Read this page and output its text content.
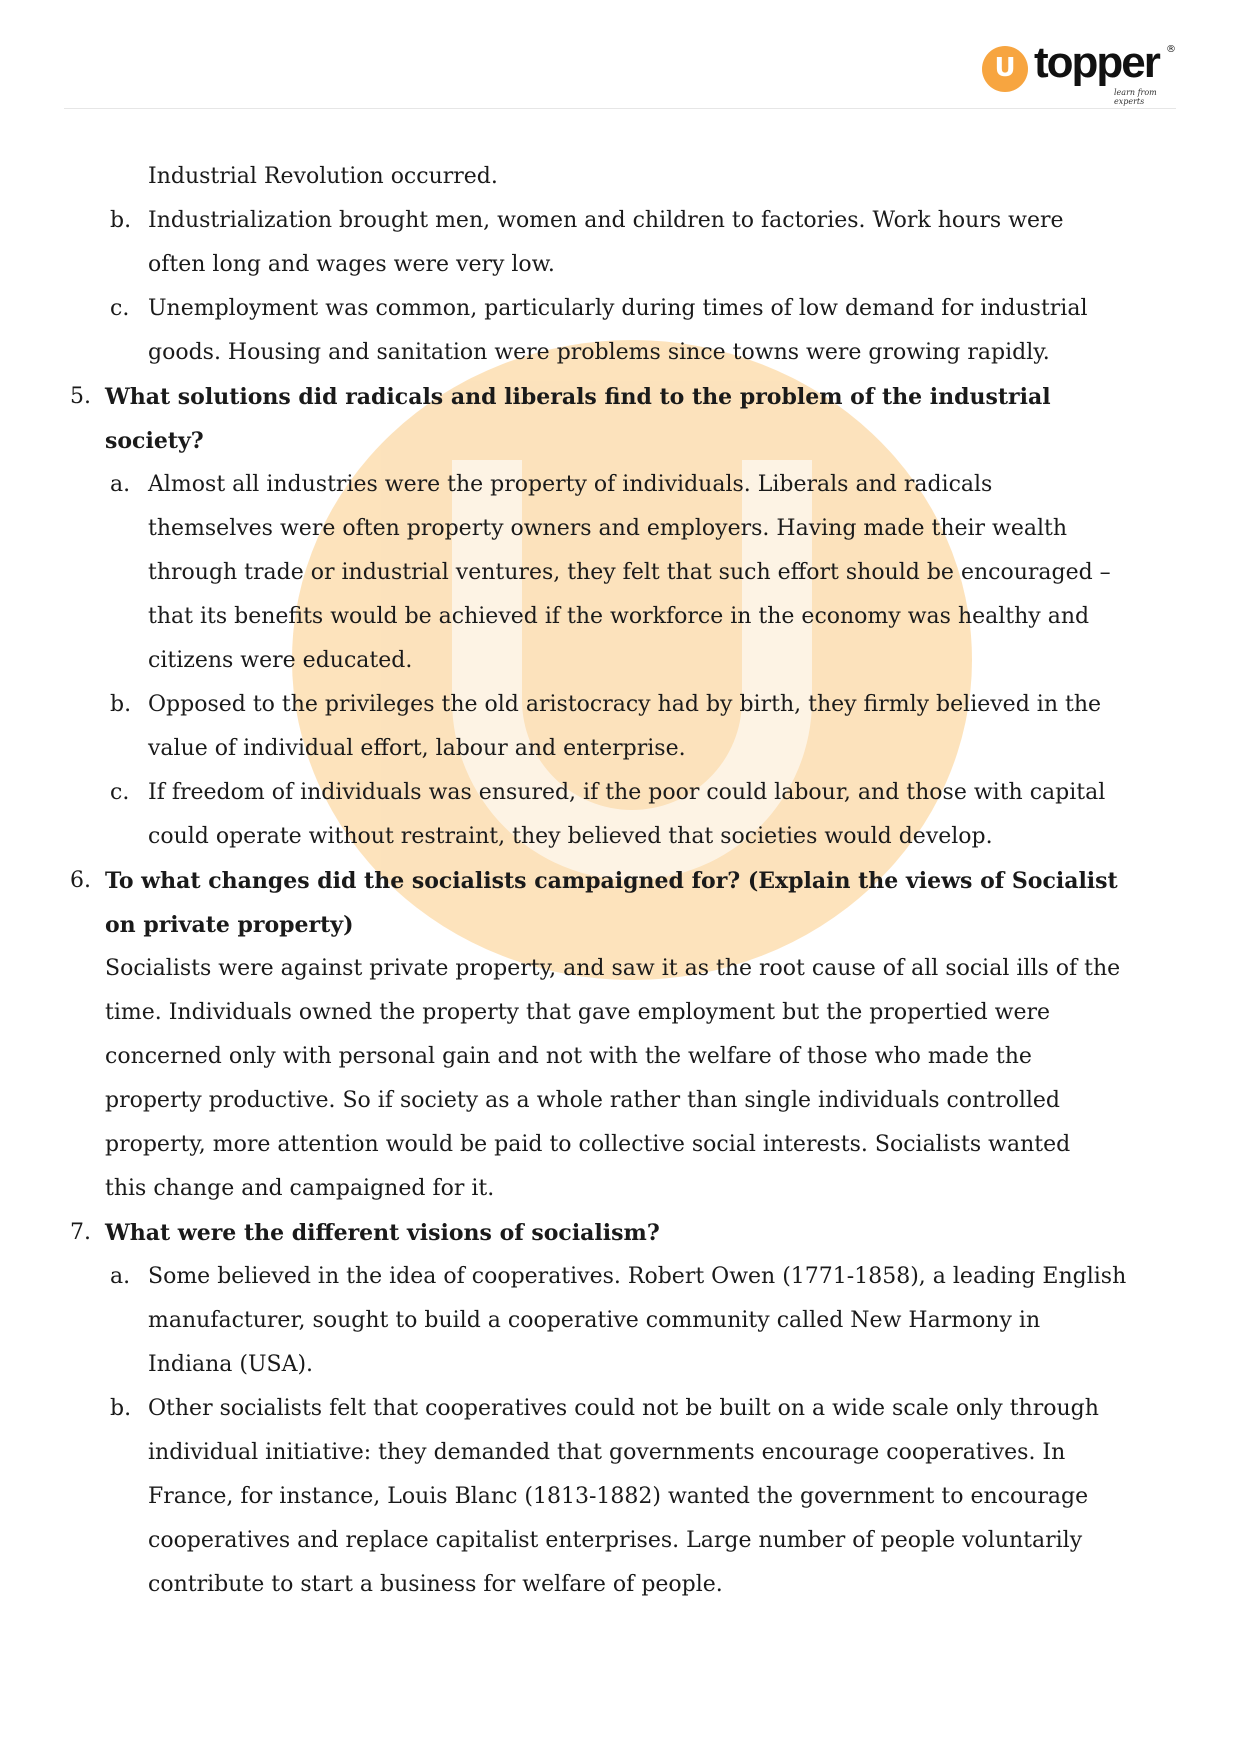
U topper ®
learn from experts
Industrial Revolution occurred.
b. Industrialization brought men, women and children to factories. Work hours were
often long and wages were very low.
c. Unemployment was common, particularly during times of low demand for industrial
goods. Housing and sanitation were problems since towns were growing rapidly.
5. What solutions did radicals and liberals find to the problem of the industrial
society?
a. Almost all industries were the property of individuals. Liberals and radicals
themselves were often property owners and employers. Having made their wealth
through trade or industrial ventures, they felt that such effort should be encouraged –
that its benefits would be achieved if the workforce in the economy was healthy and
citizens were educated.
b. Opposed to the privileges the old aristocracy had by birth, they firmly believed in the
value of individual effort, labour and enterprise.
c. If freedom of individuals was ensured, if the poor could labour, and those with capital
could operate without restraint, they believed that societies would develop.
6. To what changes did the socialists campaigned for? (Explain the views of Socialist
on private property)
Socialists were against private property, and saw it as the root cause of all social ills of the
time. Individuals owned the property that gave employment but the propertied were
concerned only with personal gain and not with the welfare of those who made the
property productive. So if society as a whole rather than single individuals controlled
property, more attention would be paid to collective social interests. Socialists wanted
this change and campaigned for it.
7. What were the different visions of socialism?
a. Some believed in the idea of cooperatives. Robert Owen (1771-1858), a leading English
manufacturer, sought to build a cooperative community called New Harmony in
Indiana (USA).
b. Other socialists felt that cooperatives could not be built on a wide scale only through
individual initiative: they demanded that governments encourage cooperatives. In
France, for instance, Louis Blanc (1813-1882) wanted the government to encourage
cooperatives and replace capitalist enterprises. Large number of people voluntarily
contribute to start a business for welfare of people.
